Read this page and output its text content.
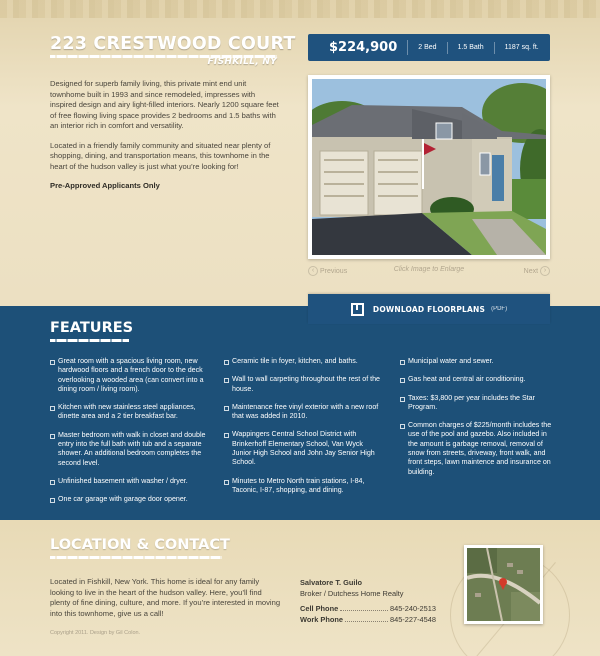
223 CRESTWOOD COURT
FISHKILL, NY

Designed for superb family living, this private mint end unit townhome built in 1993 and since remodeled, impresses with inspired design and airy light-filled interiors. Nearly 1200 square feet of free flowing living space provides 2 bedrooms and 1.5 baths with an interior rich in comfort and versatility.

Located in a friendly family community and situated near plenty of shopping, dining, and transportation means, this townhome in the heart of the hudson valley is just what you’re looking for!

Pre-Approved Applicants Only

$224,900	2 Bed	1.5 Bath	1187 sq. ft.
‹ Previous	Click Image to Enlarge	Next ›
DOWNLOAD FLOORPLANS (PDF)
FEATURES
Great room with a spacious living room, new hardwood floors and a french door to the deck overlooking a wooded area (can convert into a dining room / living room).
Kitchen with new stainless steel appliances, dinette area and a 2 tier breakfast bar.
Master bedroom with walk in closet and double entry into the full bath with tub and a separate shower. An additional bedroom completes the second level.
Unfinished basement with washer / dryer.
One car garage with garage door opener.
Ceramic tile in foyer, kitchen, and baths.
Wall to wall carpeting throughout the rest of the house.
Maintenance free vinyl exterior with a new roof that was added in 2010.
Wappingers Central School District with Brinkerhoff Elementary School, Van Wyck Junior High School and John Jay Senior High School.
Minutes to Metro North train stations, I-84, Taconic, I-87, shopping, and dining.
Municipal water and sewer.
Gas heat and central air conditioning.
Taxes: $3,800 per year includes the Star Program.
Common charges of $225/month includes the use of the pool and gazebo. Also included in the amount is garbage removal, removal of snow from streets, driveway, front walk, and front steps, lawn maintence and insurance on building.
LOCATION & CONTACT
Located in Fishkill, New York. This home is ideal for any family looking to live in the heart of the hudson valley. Here, you’ll find plenty of fine dining, culture, and more. If you’re interested in moving into this townhome, give us a call!
Salvatore T. Guilo
Broker / Dutchess Home Realty
Cell Phone	845-240-2513
Work Phone	845-227-4548
Copyright 2011. Design by Gil Colon.
